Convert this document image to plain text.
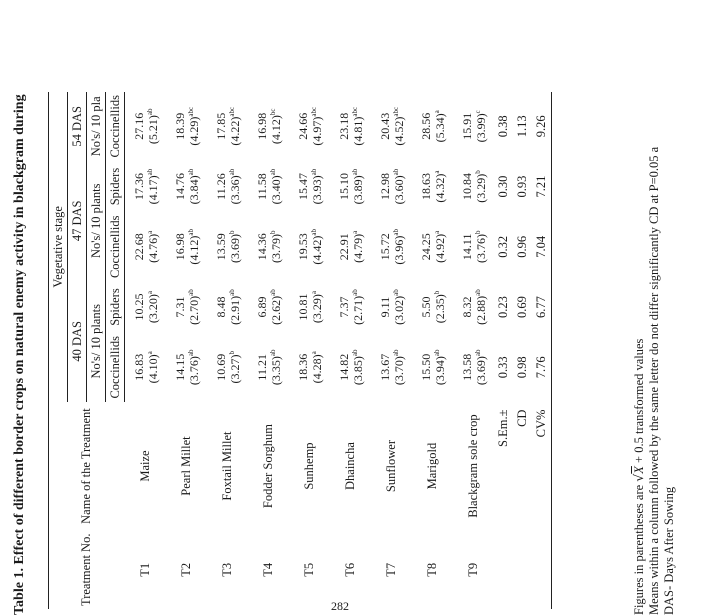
Table 1. Effect of different border crops on natural enemy activity in blackgram during	Treatment No.	Name of the Treatment	Vegetative stage				
		40 DAS		47 DAS		54 DAS
		No's/ 10 plants		No's/ 10 plants		No's/ 10 pla
		Coccinellids	Spiders	Coccinellids	Spiders	Coccinellids
T1	Maize	16.83 $(4.10)^a$	10.25 $(3.20)^a$	22.68 $(4.76)^a$	17.36 $(4.17)^{ab}$	27.16 $(5.21)^{ab}$

T2	Pearl Millet	14.15 $(3.76)^{ab}$	7.31 $(2.70)^{ab}$	16.98 $(4.12)^{ab}$	14.76 $(3.84)^{ab}$	18.39 $(4.29)^{abc}$

T3	Foxtail Millet	10.69 $(3.27)^b$	8.48 $(2.91)^{ab}$	13.59 $(3.69)^b$	11.26 $(3.36)^{ab}$	17.85 $(4.22)^{abc}$

T4	Fodder Sorghum	11.21 $(3.35)^{ab}$	6.89 $(2.62)^{ab}$	14.36 $(3.79)^b$	11.58 $(3.40)^{ab}$	16.98 $(4.12)^{bc}$

T5	Sunhemp	18.36 $(4.28)^a$	10.81 $(3.29)^a$	19.53 $(4.42)^{ab}$	15.47 $(3.93)^{ab}$	24.66 $(4.97)^{abc}$

T6	Dhaincha	14.82 $(3.85)^{ab}$	7.37 $(2.71)^{ab}$	22.91 $(4.79)^a$	15.10 $(3.89)^{ab}$	23.18 $(4.81)^{abc}$

T7	Sunflower	13.67 $(3.70)^{ab}$	9.11 $(3.02)^{ab}$	15.72 $(3.96)^{ab}$	12.98 $(3.60)^{ab}$	20.43 $(4.52)^{abc}$

T8	Marigold	15.50 $(3.94)^{ab}$	5.50 $(2.35)^b$	24.25 $(4.92)^a$	18.63 $(4.32)^a$	28.56 $(5.34)^a$

T9	Blackgram sole crop	13.58 $(3.69)^{ab}$	8.32 $(2.88)^{ab}$	14.11 $(3.76)^b$	10.84 $(3.29)^b$	15.91 $(3.99)^c$

	S.Em.±	0.33	0.23	0.32	0.30	0.38
	CD	0.98	0.69	0.96	0.93	1.13
	CV%	7.76	6.77	7.04	7.21	9.26
Figures in parentheses are √X + 0.5 transformed values Means within a column followed by the same letter do not differ significantly CD at P=0.05 a DAS- Days After Sowing
282
